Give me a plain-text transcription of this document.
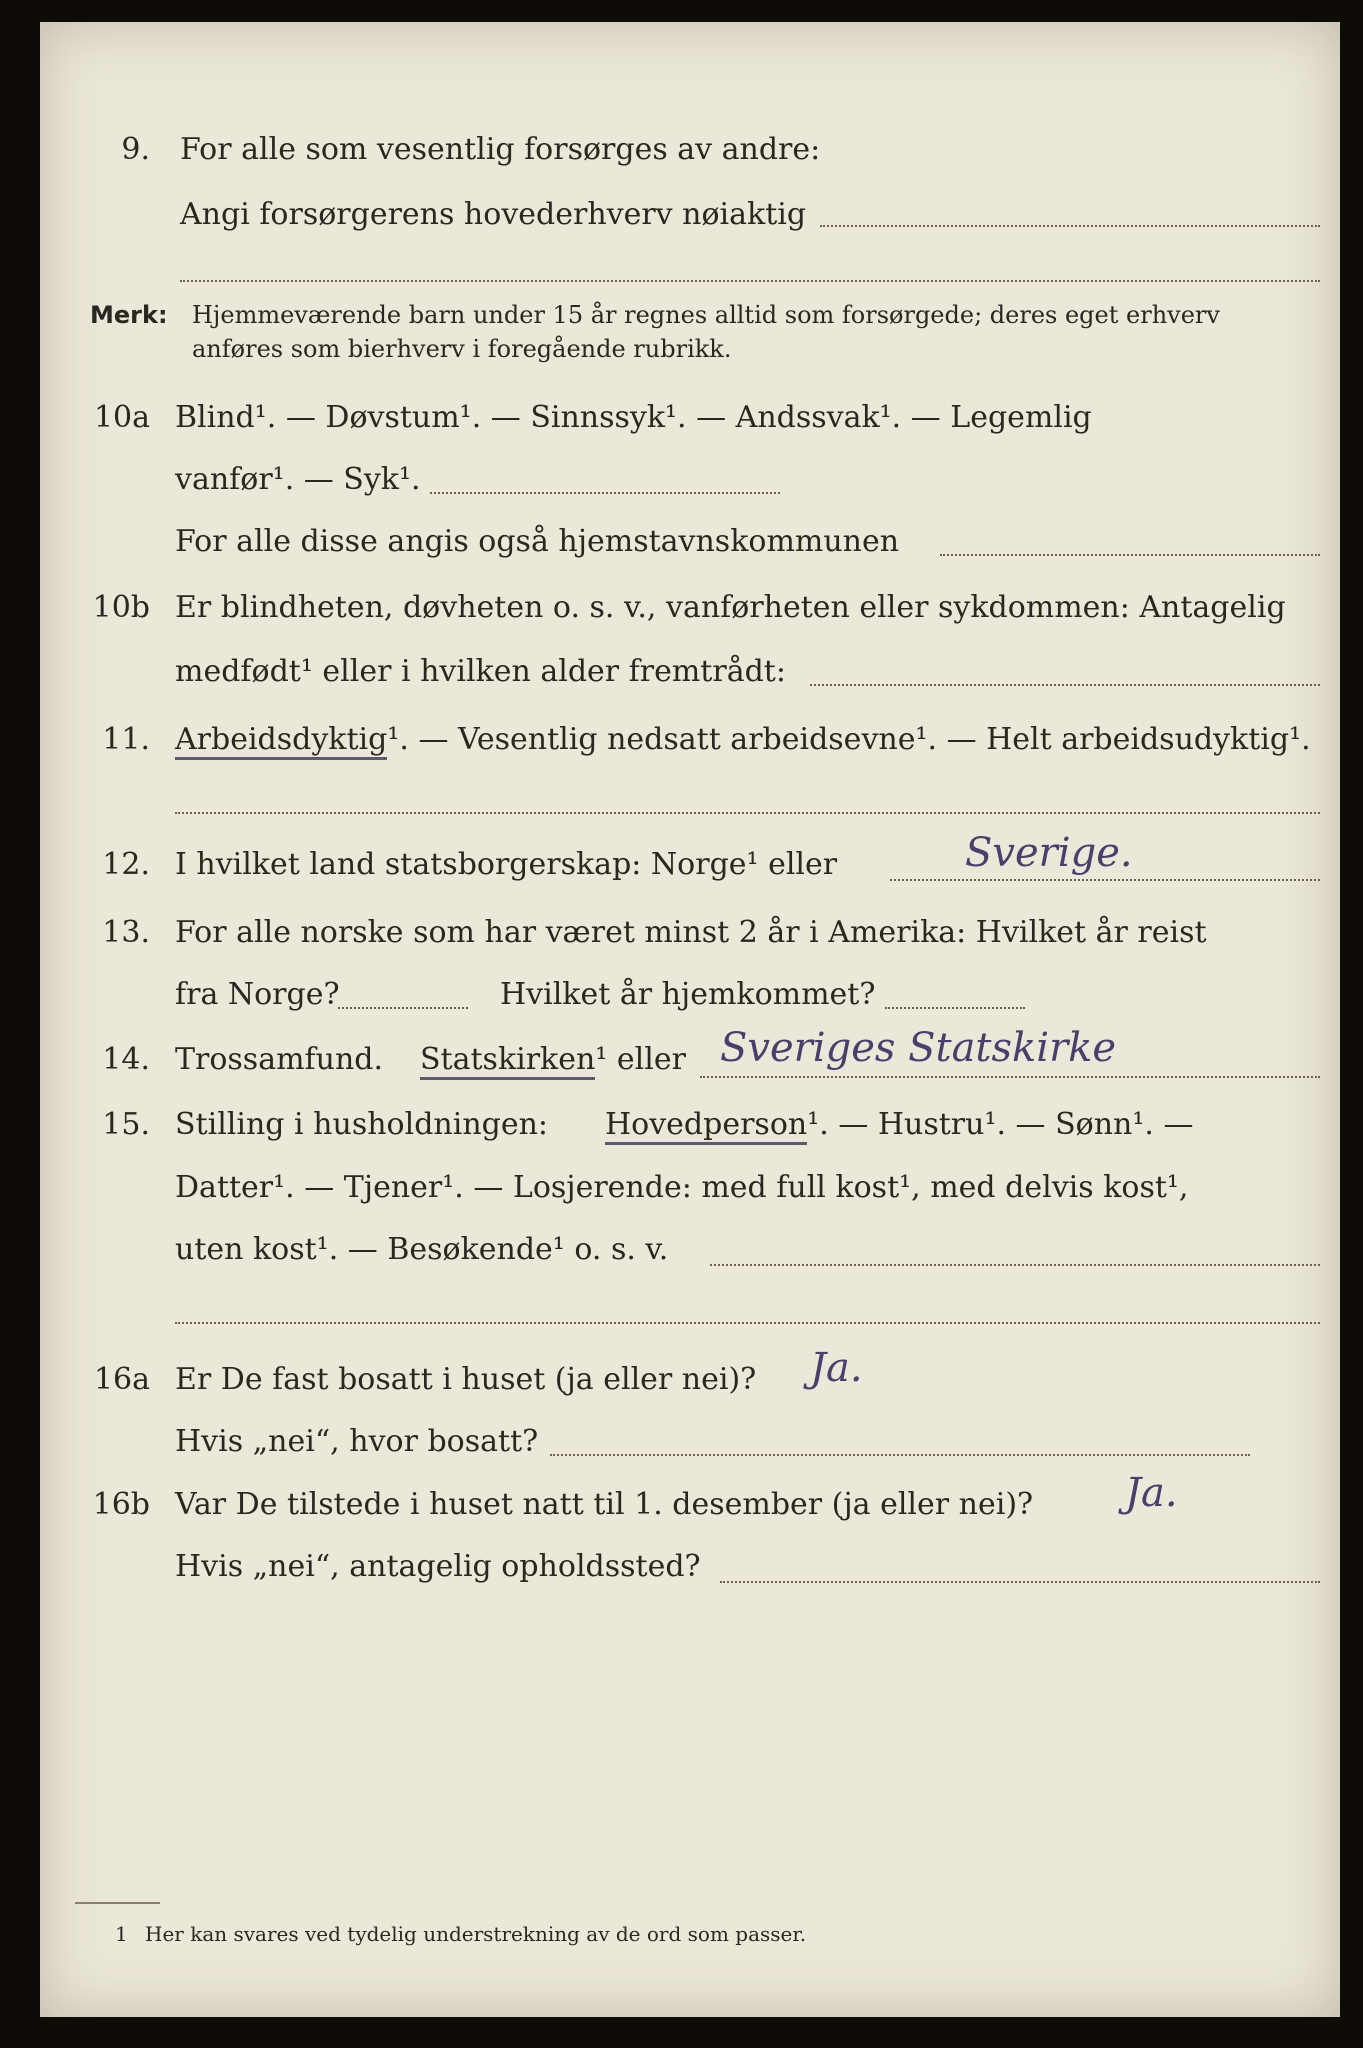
9. For alle som vesentlig forsørges av andre:
Angi forsørgerens hovederhverv nøiaktig
Merk: Hjemmeværende barn under 15 år regnes alltid som forsørgede; deres eget erhverv
anføres som bierhverv i foregående rubrikk.
10a Blind¹. — Døvstum¹. — Sinnssyk¹. — Andssvak¹. — Legemlig
vanfør¹. — Syk¹.
For alle disse angis også hjemstavnskommunen
10b Er blindheten, døvheten o. s. v., vanførheten eller sykdommen: Antagelig
medfødt¹ eller i hvilken alder fremtrådt:
11. Arbeidsdyktig¹. — Vesentlig nedsatt arbeidsevne¹. — Helt arbeidsudyktig¹.
12. I hvilket land statsborgerskap: Norge¹ eller	Sverige.
13. For alle norske som har været minst 2 år i Amerika: Hvilket år reist
fra Norge?	Hvilket år hjemkommet?
14. Trossamfund. Statskirken¹ eller Sveriges Statskirke
15. Stilling i husholdningen: Hovedperson¹. — Hustru¹. — Sønn¹. —
Datter¹. — Tjener¹. — Losjerende: med full kost¹, med delvis kost¹,
uten kost¹. — Besøkende¹ o. s. v.
16a Er De fast bosatt i huset (ja eller nei)? Ja.
Hvis „nei“, hvor bosatt?
16b Var De tilstede i huset natt til 1. desember (ja eller nei)? Ja.
Hvis „nei“, antagelig opholdssted?
1 Her kan svares ved tydelig understrekning av de ord som passer.
